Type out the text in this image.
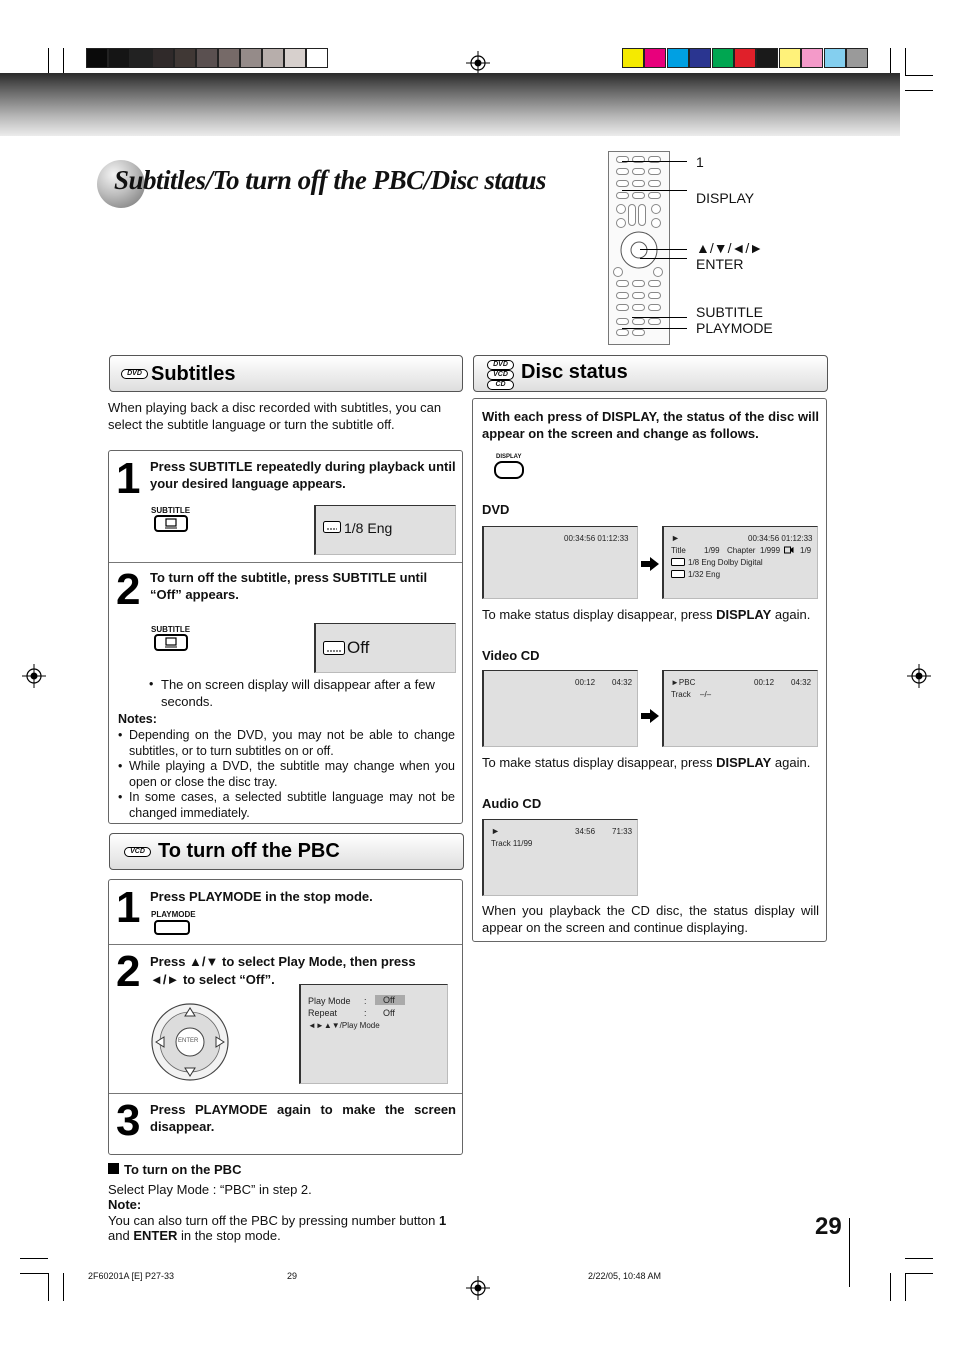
Subtitles/To turn off the PBC/Disc status
1
DISPLAY
▲/▼/◄/►
ENTER
SUBTITLE
PLAYMODE
DVD Subtitles
When playing back a disc recorded with subtitles, you can select the subtitle language or turn the subtitle off.
1 Press SUBTITLE repeatedly during playback until your desired language appears.
SUBTITLE
1/8 Eng
2 To turn off the subtitle, press SUBTITLE until “Off” appears.
SUBTITLE
Off
• The on screen display will disappear after a few seconds.
Notes:
• Depending on the DVD, you may not be able to change subtitles, or to turn subtitles on or off.
• While playing a DVD, the subtitle may change when you open or close the disc tray.
• In some cases, a selected subtitle language may not be changed immediately.
VCD To turn off the PBC
1 Press PLAYMODE in the stop mode.
PLAYMODE
2 Press ▲/▼ to select Play Mode, then press
◄/► to select “Off”.
ENTER
Play Mode :	Off
Repeat	: Off
◄►▲▼/Play Mode
3 Press PLAYMODE again to make the screen disappear.
To turn on the PBC
Select Play Mode : “PBC” in step 2.
Note:
You can also turn off the PBC by pressing number button 1
and ENTER in the stop mode.
DVD
VCD
CD
Disc status
With each press of DISPLAY, the status of the disc will appear on the screen and change as follows.
DISPLAY
DVD
00:34:56 01:12:33	►	00:34:56 01:12:33
Title 1/99 Chapter 1/999 1/9
1/8 Eng Dolby Digital
1/32 Eng
To make status display disappear, press DISPLAY again.
Video CD
00:12 04:32	►PBC	00:12 04:32
Track –/–
To make status display disappear, press DISPLAY again.
Audio CD
►	34:56 71:33
Track 11/99
When you playback the CD disc, the status display will appear on the screen and continue displaying.
29
2F60201A [E] P27-33	29	2/22/05, 10:48 AM
